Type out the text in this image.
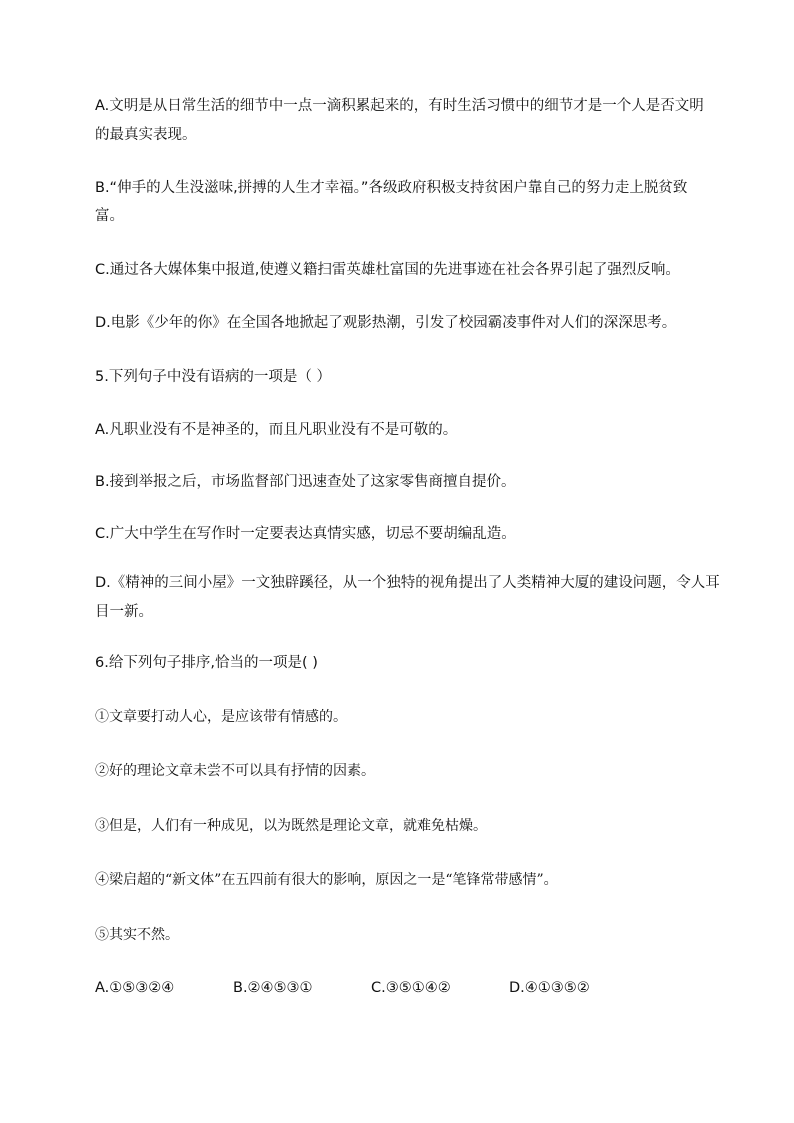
A.文明是从日常生活的细节中一点一滴积累起来的，有时生活习惯中的细节才是一个人是否文明
的最真实表现。
B.“伸手的人生没滋味,拼搏的人生才幸福。”各级政府积极支持贫困户靠自己的努力走上脱贫致
富。
C.通过各大媒体集中报道,使遵义籍扫雷英雄杜富国的先进事迹在社会各界引起了强烈反响。
D.电影《少年的你》在全国各地掀起了观影热潮，引发了校园霸凌事件对人们的深深思考。
5.下列句子中没有语病的一项是（ ）
A.凡职业没有不是神圣的，而且凡职业没有不是可敬的。
B.接到举报之后，市场监督部门迅速查处了这家零售商擅自提价。
C.广大中学生在写作时一定要表达真情实感，切忌不要胡编乱造。
D.《精神的三间小屋》一文独辟蹊径，从一个独特的视角提出了人类精神大厦的建设问题，令人耳
目一新。
6.给下列句子排序,恰当的一项是( )
①文章要打动人心，是应该带有情感的。
②好的理论文章未尝不可以具有抒情的因素。
③但是，人们有一种成见，以为既然是理论文章，就难免枯燥。
④梁启超的“新文体”在五四前有很大的影响，原因之一是“笔锋常带感情”。
⑤其实不然。
A.①⑤③②④	B.②④⑤③①	C.③⑤①④②	D.④①③⑤②
